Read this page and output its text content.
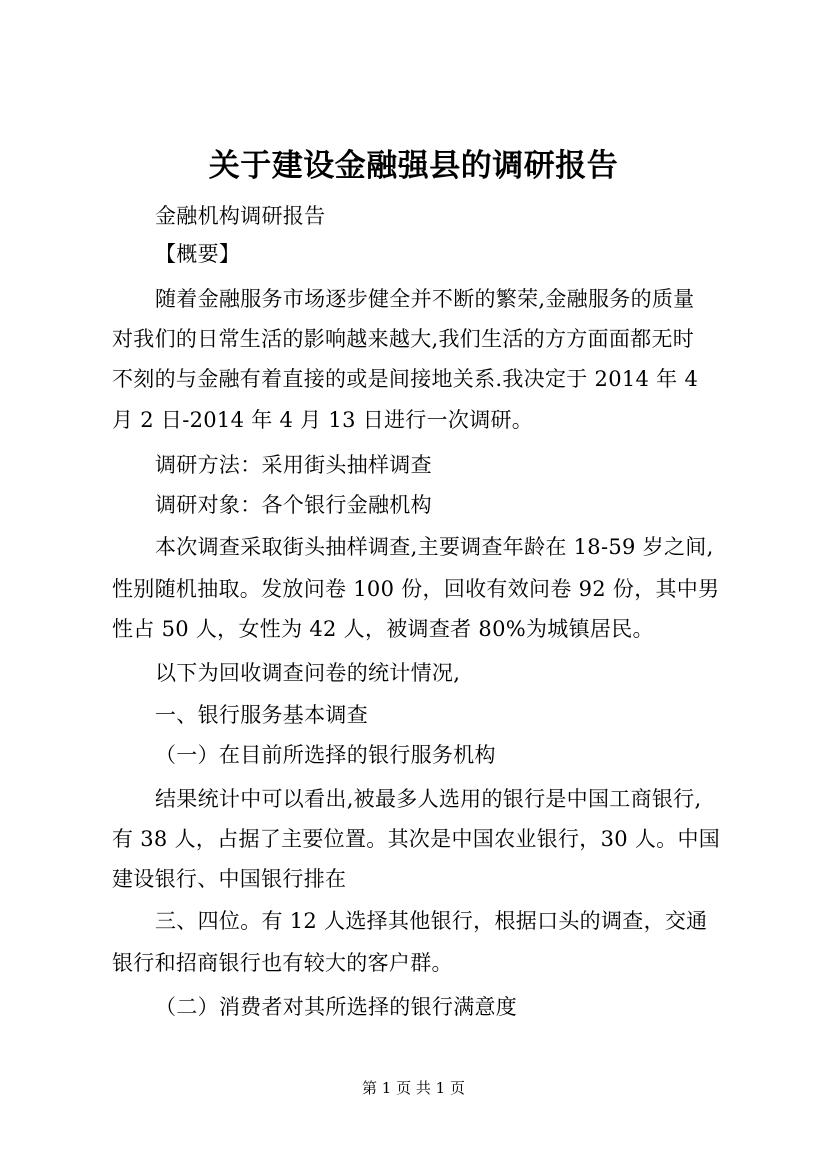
关于建设金融强县的调研报告
金融机构调研报告
【概要】
随着金融服务市场逐步健全并不断的繁荣,金融服务的质量
对我们的日常生活的影响越来越大,我们生活的方方面面都无时
不刻的与金融有着直接的或是间接地关系.我决定于 2014 年 4
月 2 日-2014 年 4 月 13 日进行一次调研。
调研方法：采用街头抽样调查
调研对象：各个银行金融机构
本次调查采取街头抽样调查,主要调查年龄在 18-59 岁之间,
性别随机抽取。发放问卷 100 份，回收有效问卷 92 份，其中男
性占 50 人，女性为 42 人，被调查者 80%为城镇居民。
以下为回收调查问卷的统计情况,
一、银行服务基本调查
（一）在目前所选择的银行服务机构
结果统计中可以看出,被最多人选用的银行是中国工商银行,
有 38 人，占据了主要位置。其次是中国农业银行，30 人。中国
建设银行、中国银行排在
三、四位。有 12 人选择其他银行，根据口头的调查，交通
银行和招商银行也有较大的客户群。
（二）消费者对其所选择的银行满意度
第 1 页 共 1 页
